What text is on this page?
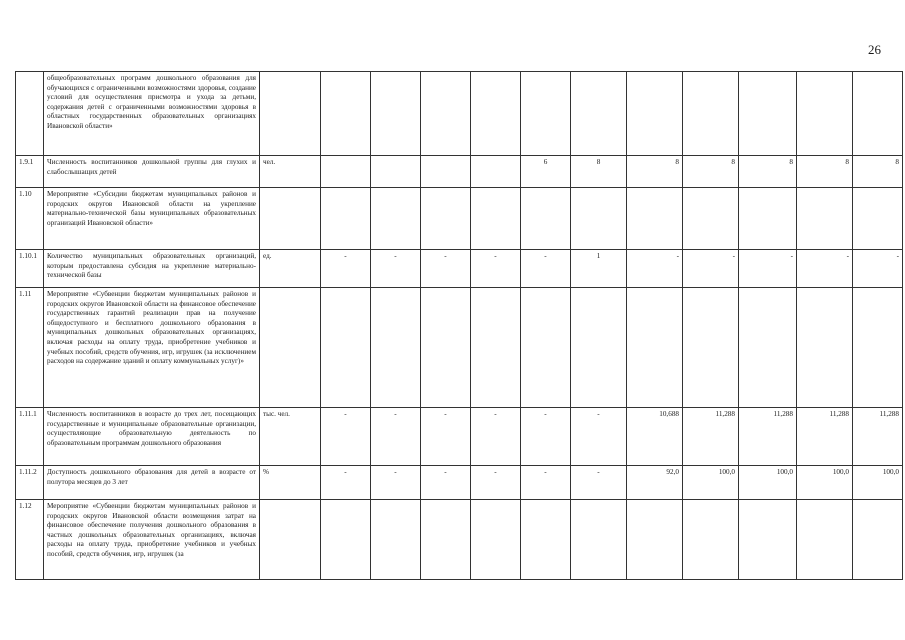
26
	общеобразовательных программ дошкольного образования для обучающихся с ограниченными возможностями здоровья, создание условий для осуществления присмотра и ухода за детьми, содержания детей с ограниченными возможностями здоровья в областных государственных образовательных организациях Ивановской области»												
1.9.1	Численность воспитанников дошкольной группы для глухих и слабослышащих детей	чел.					6	8	8	8	8	8	8
1.10	Мероприятие «Субсидии бюджетам муниципальных районов и городских округов Ивановской области на укрепление материально-технической базы муниципальных образовательных организаций Ивановской области»												
1.10.1	Количество муниципальных образовательных организаций, которым предоставлена субсидия на укрепление материально-технической базы	ед.	-	-	-	-	-	1	-	-	-	-	-
1.11	Мероприятие «Субвенции бюджетам муниципальных районов и городских округов Ивановской области на финансовое обеспечение государственных гарантий реализации прав на получение общедоступного и бесплатного дошкольного образования в муниципальных дошкольных образовательных организациях, включая расходы на оплату труда, приобретение учебников и учебных пособий, средств обучения, игр, игрушек (за исключением расходов на содержание зданий и оплату коммунальных услуг)»												
1.11.1	Численность воспитанников в возрасте до трех лет, посещающих государственные и муниципальные образовательные организации, осуществляющие образовательную деятельность по образовательным программам дошкольного образования	тыс. чел.	-	-	-	-	-	-	10,688	11,288	11,288	11,288	11,288
1.11.2	Доступность дошкольного образования для детей в возрасте от полутора месяцев до 3 лет	%	-	-	-	-	-	-	92,0	100,0	100,0	100,0	100,0
1.12	Мероприятие «Субвенции бюджетам муниципальных районов и городских округов Ивановской области возмещения затрат на финансовое обеспечение получения дошкольного образования в частных дошкольных образовательных организациях, включая расходы на оплату труда, приобретение учебников и учебных пособий, средств обучения, игр, игрушек (за												
